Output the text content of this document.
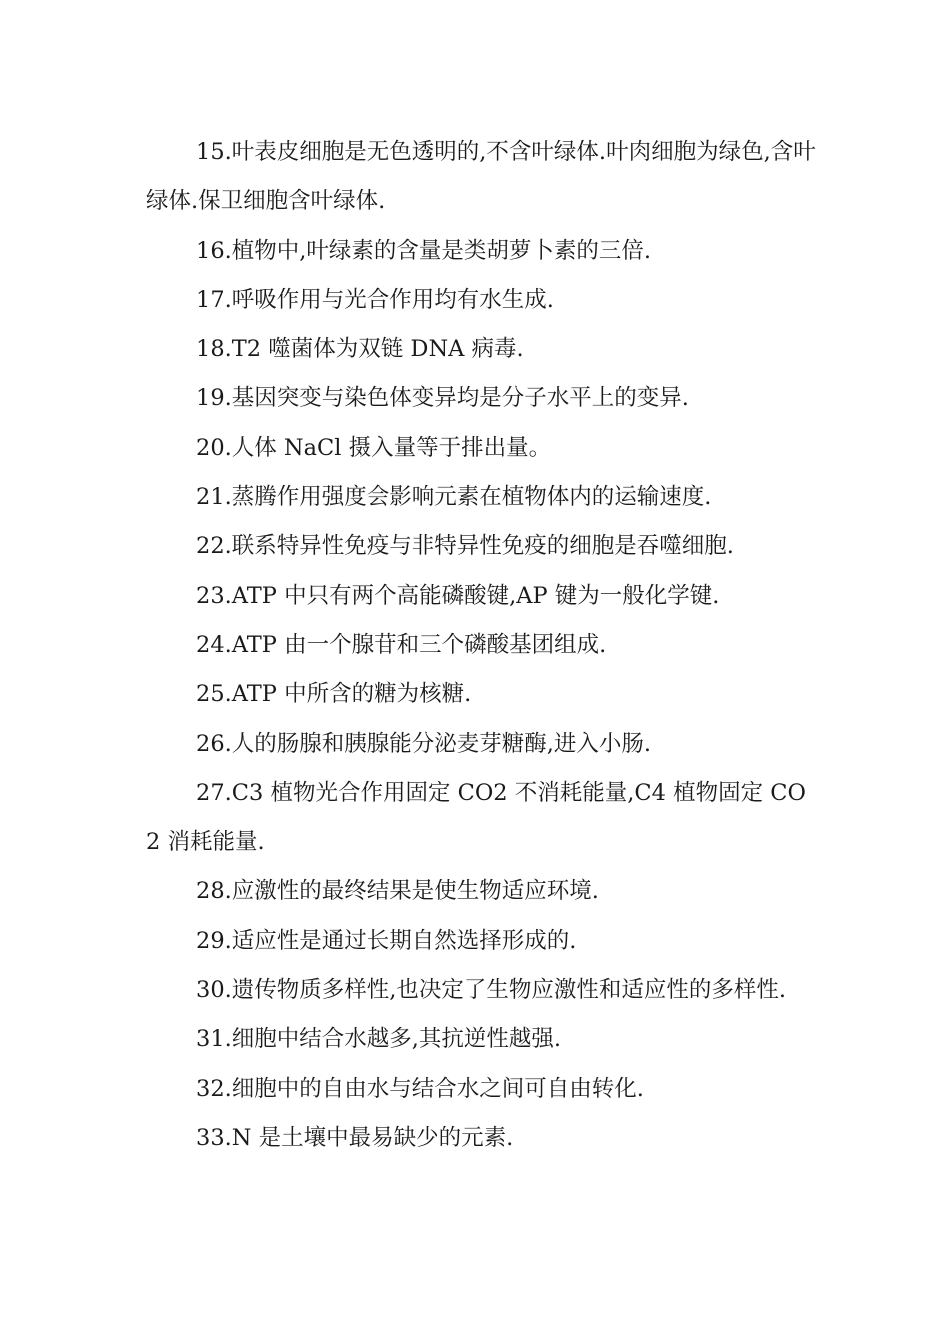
15.叶表皮细胞是无色透明的,不含叶绿体.叶肉细胞为绿色,含叶绿体.保卫细胞含叶绿体.

16.植物中,叶绿素的含量是类胡萝卜素的三倍.

17.呼吸作用与光合作用均有水生成.

18.T2 噬菌体为双链 DNA 病毒.

19.基因突变与染色体变异均是分子水平上的变异.

20.人体 NaCl 摄入量等于排出量。

21.蒸腾作用强度会影响元素在植物体内的运输速度.

22.联系特异性免疫与非特异性免疫的细胞是吞噬细胞.

23.ATP 中只有两个高能磷酸键,AP 键为一般化学键.

24.ATP 由一个腺苷和三个磷酸基团组成.

25.ATP 中所含的糖为核糖.

26.人的肠腺和胰腺能分泌麦芽糖酶,进入小肠.

27.C3 植物光合作用固定 CO2 不消耗能量,C4 植物固定 CO2 消耗能量.

28.应激性的最终结果是使生物适应环境.

29.适应性是通过长期自然选择形成的.

30.遗传物质多样性,也决定了生物应激性和适应性的多样性.

31.细胞中结合水越多,其抗逆性越强.

32.细胞中的自由水与结合水之间可自由转化.

33.N 是土壤中最易缺少的元素.
